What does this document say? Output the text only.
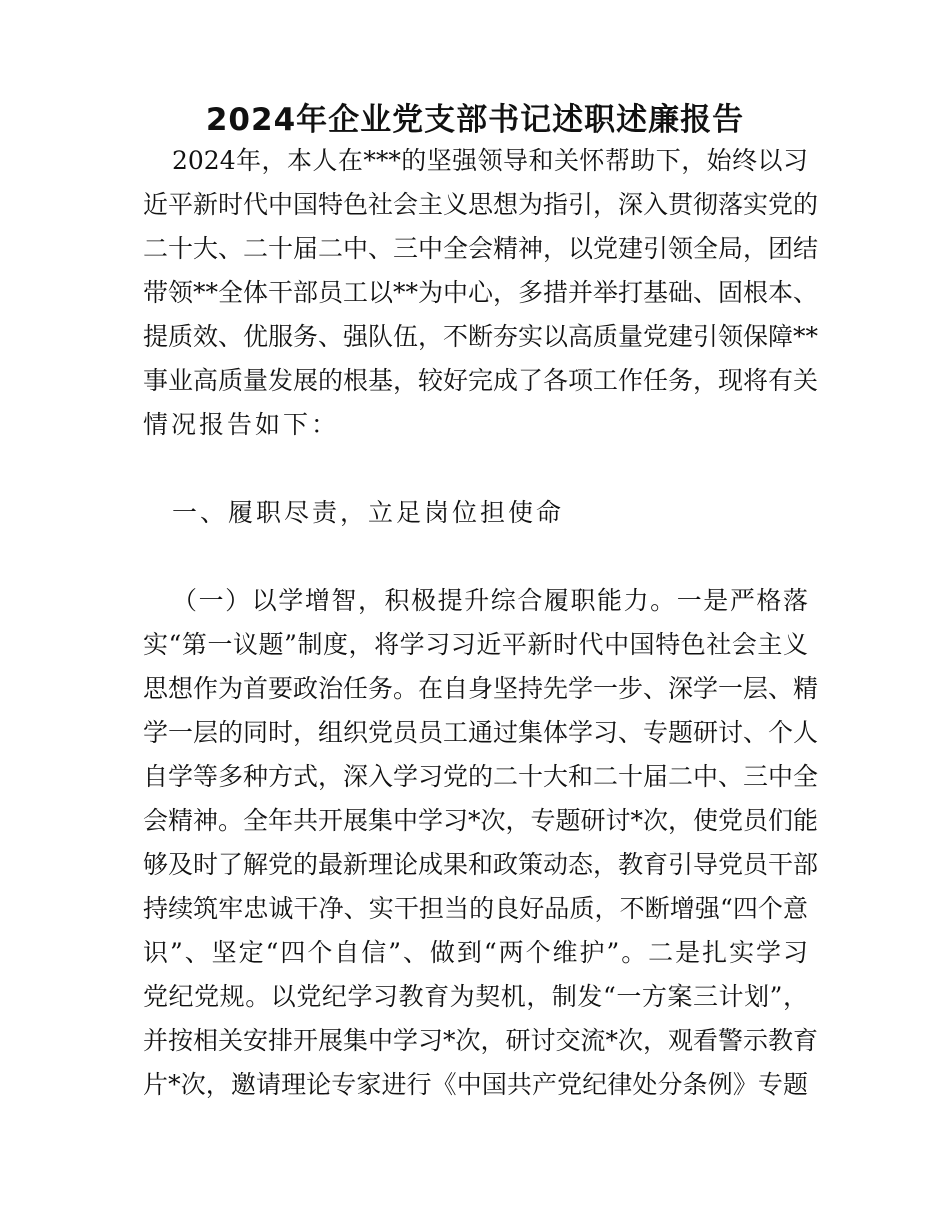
2024年企业党支部书记述职述廉报告
2024年，本人在***的坚强领导和关怀帮助下，始终以习
近平新时代中国特色社会主义思想为指引，深入贯彻落实党的
二十大、二十届二中、三中全会精神，以党建引领全局，团结
带领**全体干部员工以**为中心，多措并举打基础、固根本、
提质效、优服务、强队伍，不断夯实以高质量党建引领保障**
事业高质量发展的根基，较好完成了各项工作任务，现将有关
情况报告如下：
一、履职尽责，立足岗位担使命
（一）以学增智，积极提升综合履职能力。一是严格落
实“第一议题”制度，将学习习近平新时代中国特色社会主义
思想作为首要政治任务。在自身坚持先学一步、深学一层、精
学一层的同时，组织党员员工通过集体学习、专题研讨、个人
自学等多种方式，深入学习党的二十大和二十届二中、三中全
会精神。全年共开展集中学习*次，专题研讨*次，使党员们能
够及时了解党的最新理论成果和政策动态，教育引导党员干部
持续筑牢忠诚干净、实干担当的良好品质，不断增强“四个意
识”、坚定“四个自信”、做到“两个维护”。二是扎实学习
党纪党规。以党纪学习教育为契机，制发“一方案三计划”，
并按相关安排开展集中学习*次，研讨交流*次，观看警示教育
片*次，邀请理论专家进行《中国共产党纪律处分条例》专题
